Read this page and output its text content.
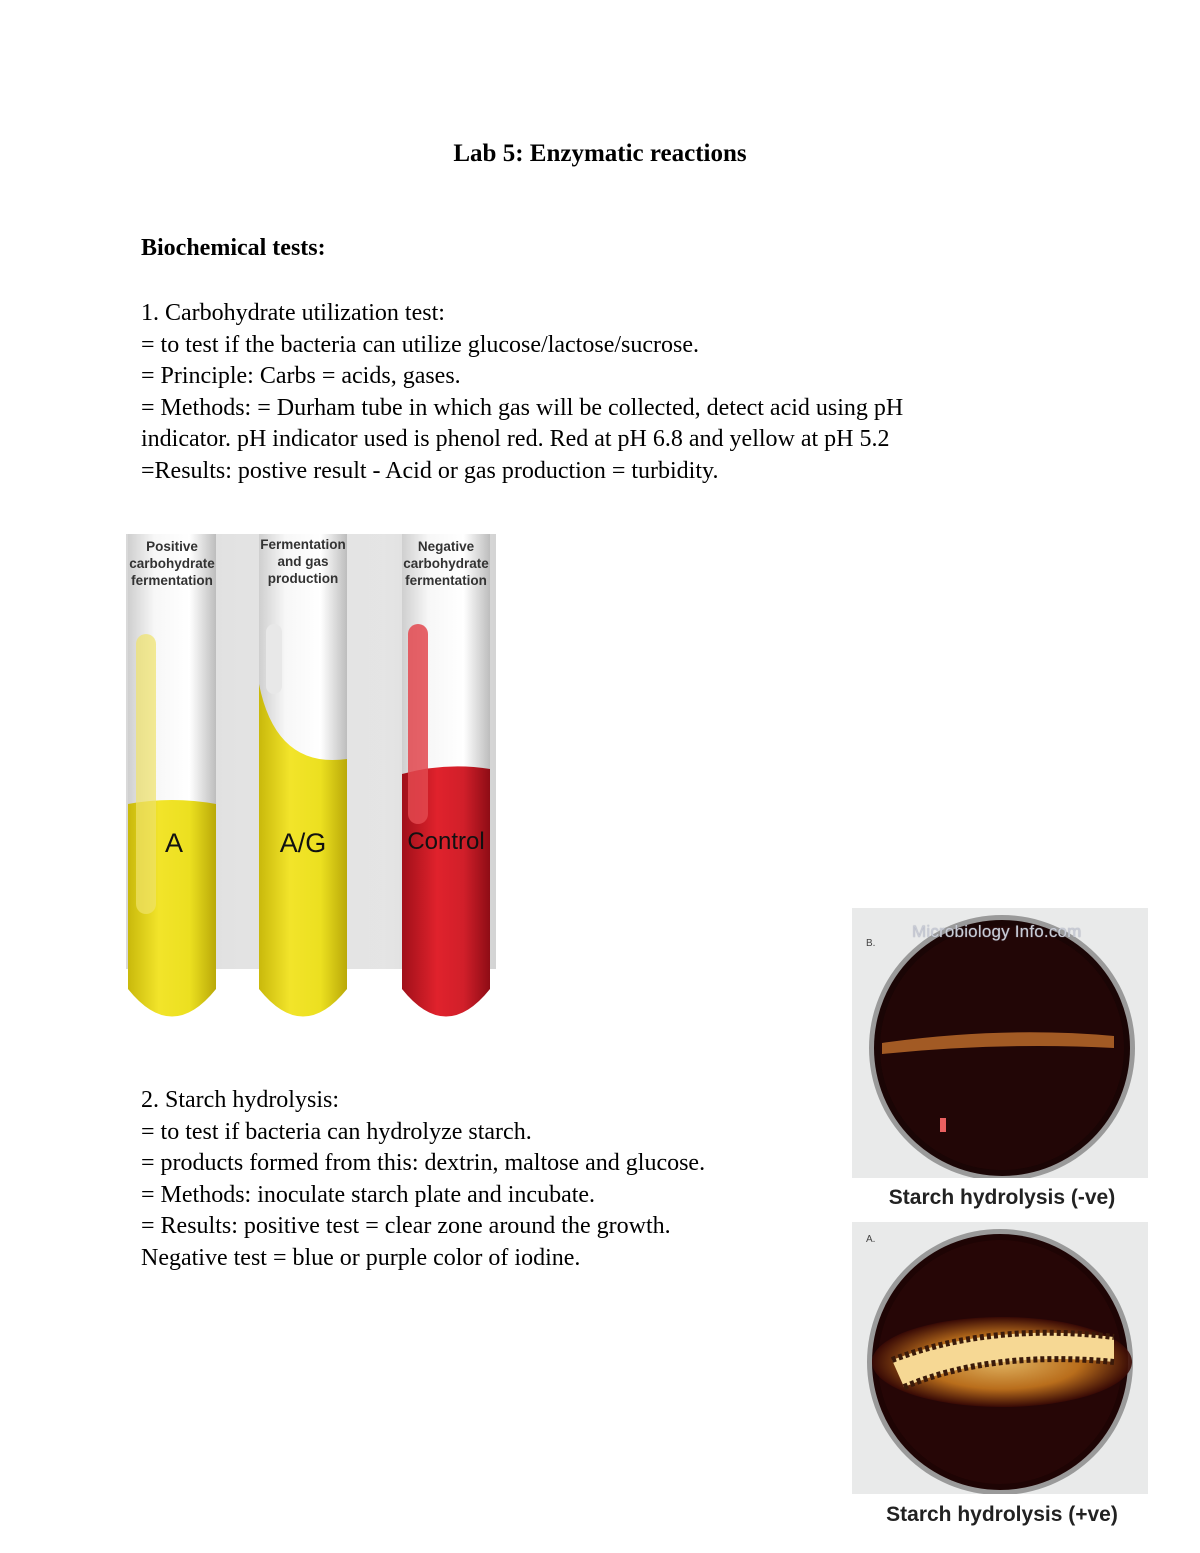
Lab 5: Enzymatic reactions
Biochemical tests:
1. Carbohydrate utilization test:
= to test if the bacteria can utilize glucose/lactose/sucrose.
= Principle: Carbs = acids, gases.
= Methods: = Durham tube in which gas will be collected, detect acid using pH
indicator. pH indicator used is phenol red. Red at pH 6.8 and yellow at pH 5.2
=Results: postive result - Acid or gas production = turbidity.
Positive
carbohydrate
fermentation
Fermentation
and gas
production
Negative
carbohydrate
fermentation
A	A/G	Control
2. Starch hydrolysis:
= to test if bacteria can hydrolyze starch.
= products formed from this: dextrin, maltose and glucose.
= Methods: inoculate starch plate and incubate.
= Results: positive test = clear zone around the growth.
Negative test = blue or purple color of iodine.
B.
Microbiology Info.com
Starch hydrolysis (-ve)
A.
Starch hydrolysis (+ve)
